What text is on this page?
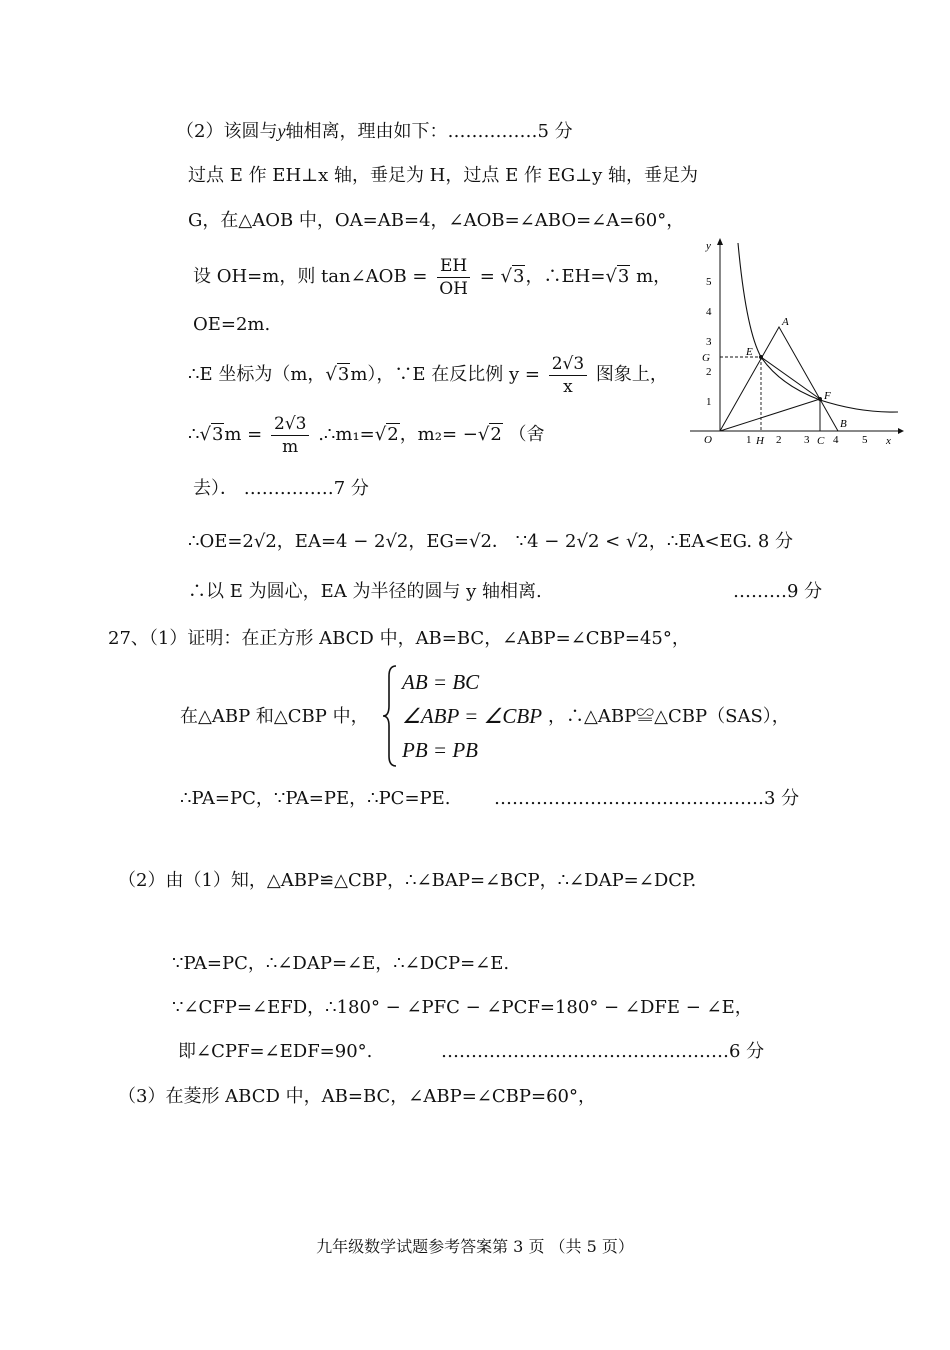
（2）该圆与y轴相离，理由如下：……………5 分
过点 E 作 EH⊥x 轴，垂足为 H，过点 E 作 EG⊥y 轴，垂足为
G，在△AOB 中，OA=AB=4，∠AOB=∠ABO=∠A=60°，
设 OH=m，则 tan∠AOB = $\frac{EH}{OH} = √3$，∴EH=√3 m，
OE=2m.
∴E 坐标为（m，√3m），∵E 在反比例 $y = \frac{2√3}{x}$ 图象上，
∴√3m = $\frac{2√3}{m}$ .∴m₁=√2，m₂= −√2 （舍
去）． ……………7 分
∴OE=2√2，EA=4 − 2√2，EG=√2． ∵4 − 2√2 < √2，∴EA<EG. 8 分
∴以 E 为圆心，EA 为半径的圆与 y 轴相离.	………9 分
27、（1）证明：在正方形 ABCD 中，AB=BC，∠ABP=∠CBP=45°，
在△ABP 和△CBP 中，
AB = BC
∠ABP = ∠CBP
PB = PB
，∴△ABP≌△CBP（SAS），
∴PA=PC，∵PA=PE，∴PC=PE. ………………………………………3 分
（2）由（1）知，△ABP≌△CBP，∴∠BAP=∠BCP，∴∠DAP=∠DCP.
∵PA=PC，∴∠DAP=∠E，∴∠DCP=∠E.
∵∠CFP=∠EFD，∴180° − ∠PFC − ∠PCF=180° − ∠DFE − ∠E，
即∠CPF=∠EDF=90°.	…………………………………………6 分
（3）在菱形 ABCD 中，AB=BC，∠ABP=∠CBP=60°，
y
x
O
1
2
3
4
5
1 2 3 4 5
A
E
F
G
H	C
B
九年级数学试题参考答案第 3 页 （共 5 页）
